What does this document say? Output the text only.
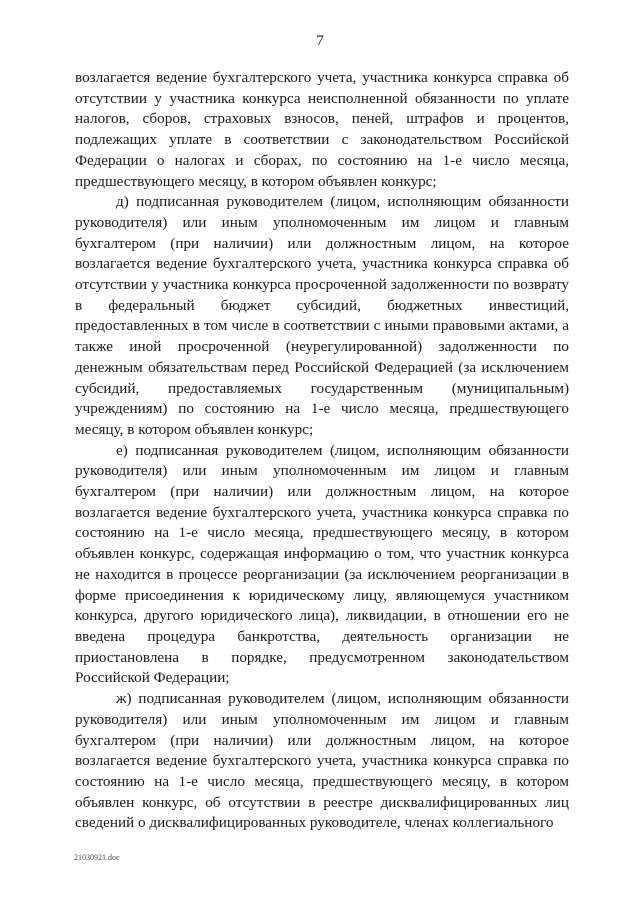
7

возлагается ведение бухгалтерского учета, участника конкурса справка об отсутствии у участника конкурса неисполненной обязанности по уплате налогов, сборов, страховых взносов, пеней, штрафов и процентов, подлежащих уплате в соответствии с законодательством Российской Федерации о налогах и сборах, по состоянию на 1-е число месяца, предшествующего месяцу, в котором объявлен конкурс;

д) подписанная руководителем (лицом, исполняющим обязанности руководителя) или иным уполномоченным им лицом и главным бухгалтером (при наличии) или должностным лицом, на которое возлагается ведение бухгалтерского учета, участника конкурса справка об отсутствии у участника конкурса просроченной задолженности по возврату в федеральный бюджет субсидий, бюджетных инвестиций, предоставленных в том числе в соответствии с иными правовыми актами, а также иной просроченной (неурегулированной) задолженности по денежным обязательствам перед Российской Федерацией (за исключением субсидий, предоставляемых государственным (муниципальным) учреждениям) по состоянию на 1-е число месяца, предшествующего месяцу, в котором объявлен конкурс;

е) подписанная руководителем (лицом, исполняющим обязанности руководителя) или иным уполномоченным им лицом и главным бухгалтером (при наличии) или должностным лицом, на которое возлагается ведение бухгалтерского учета, участника конкурса справка по состоянию на 1-е число месяца, предшествующего месяцу, в котором объявлен конкурс, содержащая информацию о том, что участник конкурса не находится в процессе реорганизации (за исключением реорганизации в форме присоединения к юридическому лицу, являющемуся участником конкурса, другого юридического лица), ликвидации, в отношении его не введена процедура банкротства, деятельность организации не приостановлена в порядке, предусмотренном законодательством Российской Федерации;

ж) подписанная руководителем (лицом, исполняющим обязанности руководителя) или иным уполномоченным им лицом и главным бухгалтером (при наличии) или должностным лицом, на которое возлагается ведение бухгалтерского учета, участника конкурса справка по состоянию на 1-е число месяца, предшествующего месяцу, в котором объявлен конкурс, об отсутствии в реестре дисквалифицированных лиц сведений о дисквалифицированных руководителе, членах коллегиального

21030921.doc
